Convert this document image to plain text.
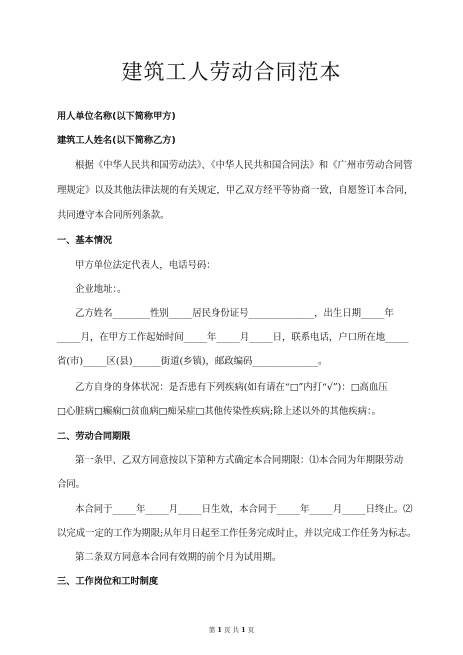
建筑工人劳动合同范本

用人单位名称(以下简称甲方)

建筑工人姓名(以下简称乙方)

根据《中华人民共和国劳动法》、《中华人民共和国合同法》和《广州市劳动合同管

理规定》以及其他法律法规的有关规定，甲乙双方经平等协商一致，自愿签订本合同，

共同遵守本合同所列条款。

一、基本情况

甲方单位法定代表人，电话号码：

企业地址：。

乙方姓名________性别_____居民身份证号______________，出生日期_____年

_____月，在甲方工作起始时间_____年_____月_____日，联系电话，户口所在地_____

省(市)_____区(县)______街道(乡镇)，邮政编码______________。

乙方自身的身体状况：是否患有下列疾病(如有请在“□”内打“√”)：□高血压

□心脏病□癫痫□贫血病□痴呆症□其他传染性疾病;除上述以外的其他疾病：。

二、劳动合同期限

第一条甲、乙双方同意按以下第种方式确定本合同期限：⑴本合同为年期限劳动

合同。

本合同于_____年_____月_____日生效，本合同于_____年_____月_____日终止。⑵

以完成一定的工作为期限;从年月日起至工作任务完成时止，并以完成工作任务为标志。

第二条双方同意本合同有效期的前个月为试用期。

三、工作岗位和工时制度

第 1 页 共 1 页
